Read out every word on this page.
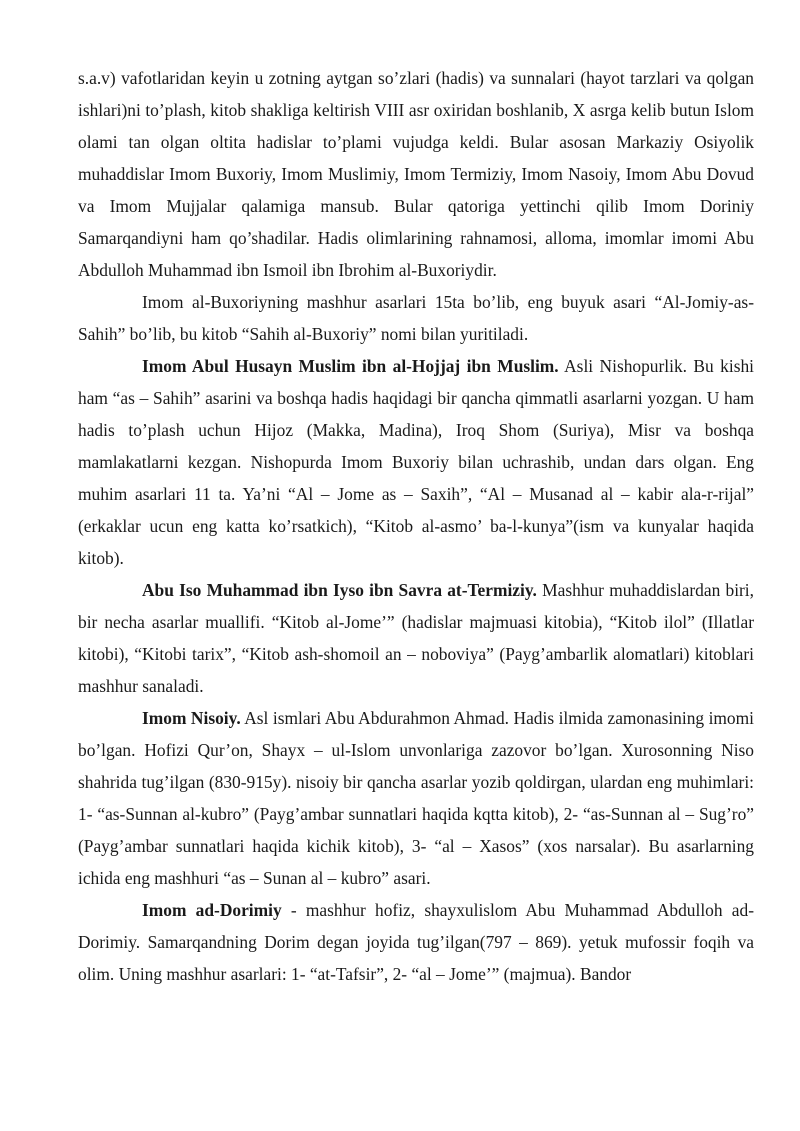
s.a.v) vafotlaridan keyin u zotning aytgan so’zlari (hadis) va sunnalari (hayot tarzlari va qolgan ishlari)ni to’plash, kitob shakliga keltirish VIII asr oxiridan boshlanib, X asrga kelib butun Islom olami tan olgan oltita hadislar to’plami vujudga keldi. Bular asosan Markaziy Osiyolik muhaddislar Imom Buxoriy, Imom Muslimiy, Imom Termiziy, Imom Nasoiy, Imom Abu Dovud va Imom Mujjalar qalamiga mansub. Bular qatoriga yettinchi qilib Imom Doriniy Samarqandiyni ham qo’shadilar. Hadis olimlarining rahnamosi, alloma, imomlar imomi Abu Abdulloh Muhammad ibn Ismoil ibn Ibrohim al-Buxoriydir.

Imom al-Buxoriyning mashhur asarlari 15ta bo’lib, eng buyuk asari “Al-Jomiy-as-Sahih” bo’lib, bu kitob “Sahih al-Buxoriy” nomi bilan yuritiladi.

Imom Abul Husayn Muslim ibn al-Hojjaj ibn Muslim. Asli Nishopurlik. Bu kishi ham “as – Sahih” asarini va boshqa hadis haqidagi bir qancha qimmatli asarlarni yozgan. U ham hadis to’plash uchun Hijoz (Makka, Madina), Iroq Shom (Suriya), Misr va boshqa mamlakatlarni kezgan. Nishopurda Imom Buxoriy bilan uchrashib, undan dars olgan. Eng muhim asarlari 11 ta. Ya’ni “Al – Jome as – Saxih”, “Al – Musanad al – kabir ala-r-rijal” (erkaklar ucun eng katta ko’rsatkich), “Kitob al-asmo’ ba-l-kunya”(ism va kunyalar haqida kitob).

Abu Iso Muhammad ibn Iyso ibn Savra at-Termiziy. Mashhur muhaddislardan biri, bir necha asarlar muallifi. “Kitob al-Jome’” (hadislar majmuasi kitobia), “Kitob ilol” (Illatlar kitobi), “Kitobi tarix”, “Kitob ash-shomoil an – noboviya” (Payg’ambarlik alomatlari) kitoblari mashhur sanaladi.

Imom Nisoiy. Asl ismlari Abu Abdurahmon Ahmad. Hadis ilmida zamonasining imomi bo’lgan. Hofizi Qur’on, Shayx – ul-Islom unvonlariga zazovor bo’lgan. Xurosonning Niso shahrida tug’ilgan (830-915y). nisoiy bir qancha asarlar yozib qoldirgan, ulardan eng muhimlari: 1- “as-Sunnan al-kubro” (Payg’ambar sunnatlari haqida kqtta kitob), 2- “as-Sunnan al – Sug’ro” (Payg’ambar sunnatlari haqida kichik kitob), 3- “al – Xasos” (xos narsalar). Bu asarlarning ichida eng mashhuri “as – Sunan al – kubro” asari.

Imom ad-Dorimiy - mashhur hofiz, shayxulislom Abu Muhammad Abdulloh ad-Dorimiy. Samarqandning Dorim degan joyida tug’ilgan(797 – 869). yetuk mufossir foqih va olim. Uning mashhur asarlari: 1- “at-Tafsir”, 2- “al – Jome’” (majmua). Bandor
